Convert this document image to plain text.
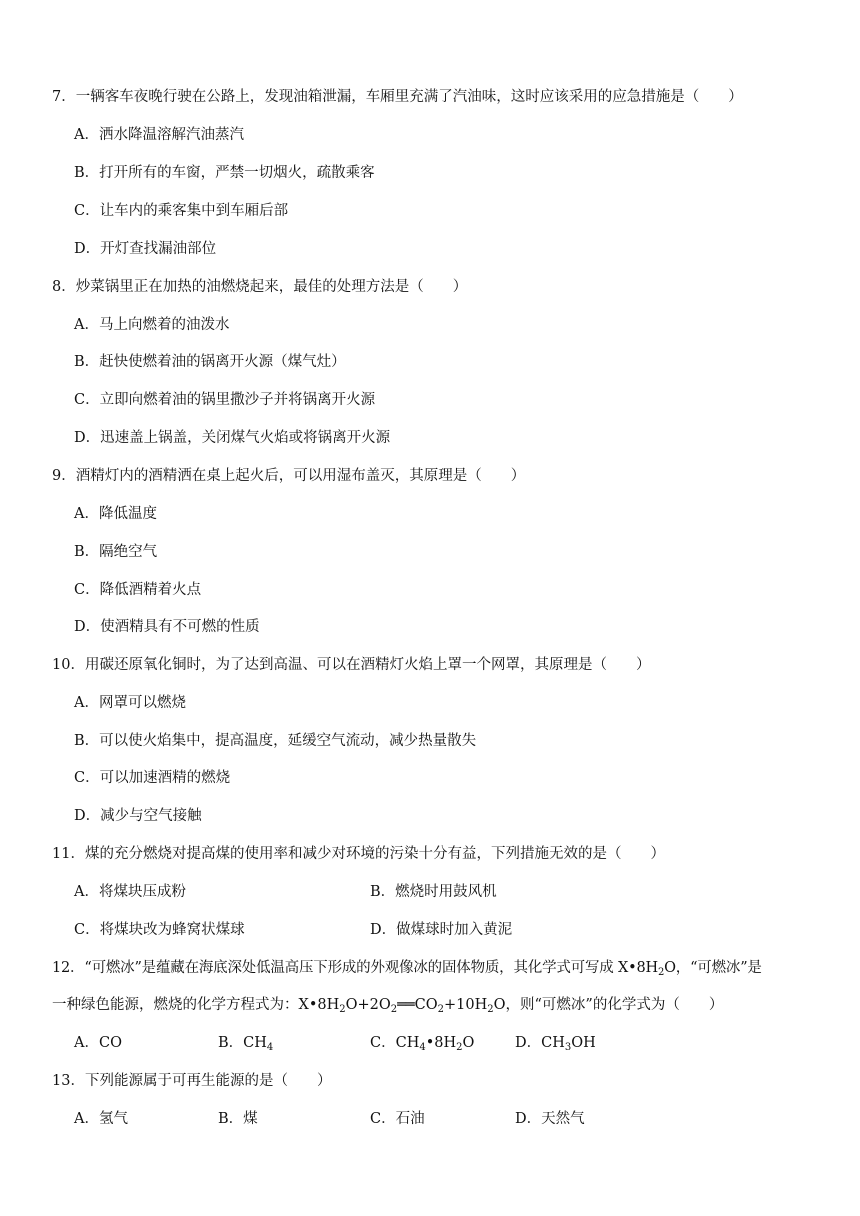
7．一辆客车夜晚行驶在公路上，发现油箱泄漏，车厢里充满了汽油味，这时应该采用的应急措施是（　　）
A．洒水降温溶解汽油蒸汽
B．打开所有的车窗，严禁一切烟火，疏散乘客
C．让车内的乘客集中到车厢后部
D．开灯查找漏油部位
8．炒菜锅里正在加热的油燃烧起来，最佳的处理方法是（　　）
A．马上向燃着的油泼水
B．赶快使燃着油的锅离开火源（煤气灶）
C．立即向燃着油的锅里撒沙子并将锅离开火源
D．迅速盖上锅盖，关闭煤气火焰或将锅离开火源
9．酒精灯内的酒精洒在桌上起火后，可以用湿布盖灭，其原理是（　　）
A．降低温度
B．隔绝空气
C．降低酒精着火点
D．使酒精具有不可燃的性质
10．用碳还原氧化铜时，为了达到高温、可以在酒精灯火焰上罩一个网罩，其原理是（　　）
A．网罩可以燃烧
B．可以使火焰集中，提高温度，延缓空气流动，减少热量散失
C．可以加速酒精的燃烧
D．减少与空气接触
11．煤的充分燃烧对提高煤的使用率和减少对环境的污染十分有益，下列措施无效的是（　　）
A．将煤块压成粉	B．燃烧时用鼓风机
C．将煤块改为蜂窝状煤球	D．做煤球时加入黄泥
12．“可燃冰”是蕴藏在海底深处低温高压下形成的外观像冰的固体物质，其化学式可写成 $X•8H_2O$，“可燃冰”是
一种绿色能源，燃烧的化学方程式为：$X•8H_2O+2O_2══CO_2+10H_2O$，则“可燃冰”的化学式为（　　）
A．CO	B．$CH_4$	C．$CH_4•8H_2O$	D．$CH_3OH$
13．下列能源属于可再生能源的是（　　）
A．氢气	B．煤	C．石油	D．天然气
